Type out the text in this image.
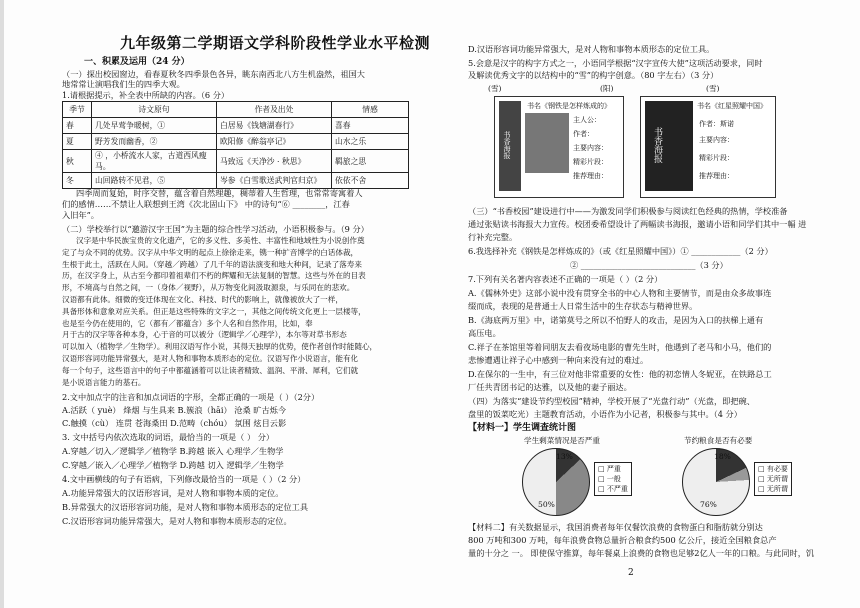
九年级第二学期语文学科阶段性学业水平检测
一、积累及运用（24 分）
（一）探出校园窗边，看春夏秋冬四季景色各异，眺东南西北八方生机盎然，祖国大
地常常让演唱我们生的四季大观。
1.请根据提示，补全表中所缺的内容。（6 分）
季节	诗文原句	作者及出处	情感
春	几处早莺争暖树，①	白居易《钱塘湖春行》	喜春
夏	野芳发而幽香，②	欧阳修《醉翁亭记》	山水之乐
秋	④ ，小桥流水人家，古道西风瘦马。	马致远《天净沙 · 秋思》	羁旅之思
冬	山回路转不见君，⑤	岑参《白雪歌送武判官归京》	依依不舍
四季周而复始，时序交替，蕴含着自然理趣，稠蒂着人生哲理，也常常寄寓着人
们的感情……不禁让人联想到王湾《次北固山下》 中的诗句“⑥ ________，江春
入旧年”。
（二）学校举行以“邀游汉字王国”为主题的综合性学习活动，小语积极参与。（9 分）
汉字是中华民族宝贵的文化遗产，它的多义性、多美性、丰富性和地域性为小说创作奠
定了与众不同的优势。汉字从中华文明的起点上徐徐走来，镌一种扩音博学的白话体裁，
生根于此土，活跃在人间。（穿越／跨越）了几千年的语法演变和地大种间，记录了落寿来
历，在汉字身上，从古至今都印着祖辈们不朽的辉耀和无法复制的智慧。这些与外在的目表
形，不境高与自然之间，一（身体／视野），从万物变化间汲取源泉，与乐同在的悲欢。
汉语都有此体。细微的变迁体现在文化、科技、时代的影响上，就像被放大了一样，
具备形体和意象对应关系。但正是这些特殊的文字之一，其他之间传统文化更上一层楼等，
也是至今仍在使用的，它（都有／都蕴含）多个人名和自然作用，比如，奉
月于古的汉字等各种本身，心于音的可以被分（逻辑学／心理学），本尔等对草书形态
可以加入（植物学／生物学）。利用汉语写作小说，其得天独厚的优势，使作者创作时能随心，
汉语形容词功能异常强大，是对人物和事物本质形态的定位。汉语写作小说语言，能有化
每一个句子，这些语言中的句子中都蕴涵着可以让读者精致、温润、平滑、犀利，它们就
是小说语言能力的基石。
2.文中加点字的注音和加点词语的字形，全都正确的一项是（ ）（2分）
A.活跃（ yuè） 烽烟 与生具来 B.簇浪（hāi） 沧桑 旷古烁今
C.触摸（cù） 连贯 苍海桑田 D.范畴（chóu） 氛围 炫目云影
3. 文中括号内依次选取的词语，最恰当的一项是（ ） 分）
A.穿越／切入／逻辑学／植物学 B.跨越 嵌入 心理学／生物学
C.穿越／嵌入／心理学／植物学 D.跨越 切入 逻辑学／生物学
4.文中画横线的句子有语病，下列修改最恰当的一项是（ ）（2 分）
A.功能异常强大的汉语形容词，是对人物和事物本质的定位。
B.异常强大的汉语形容词功能，是对人物和事物本质形态的定位工具
C.汉语形容词功能异常强大，是对人物和事物本质形态的定位。
D.汉语形容词功能异常强大，是对人物和事物本质形态的定位工具。
5.会意是汉字的构字方式之一，小语同学根据“汉字宣传大使”这项活动要求，同时
及解读优秀文字的以结构中的“雪”的构字创意。（80 字左右）（3 分）
(雪)	(阳)	(雪)
书香海报
书名《钢铁是怎样炼成的》
主人公：
作者：
主要内容：
精彩片段：
推荐理由：
书香海报
书名《红星照耀中国》
作者：斯诺
主要内容：
精彩片段：
推荐理由：
（三）“书香校园”建设进行中——为激发同学们积极参与阅读红色经典的热情，学校准备
通过张贴读书海报大力宣传。校团委希望设计了两幅读书海报，邀请小语和同学们其中一幅 进
行补充完整。
6.我选择补充《钢铁是怎样炼成的》（或《红星照耀中国》）① ____________（2 分）
② ____________________________（3 分）
7.下列有关名著内容表述不正确的一项是（ ）（2 分）
A.《儒林外史》这部小说中没有贯穿全书的中心人物和主要情节，而是由众多故事连
缀而成，表现的是普通士人日常生活中的生存状态与精神世界。
B.《海底两万里》中，诺第莫号之所以不怕野人的攻击，是因为入口的扶梯上通有
高压电。
C.祥子在茶馆里等着同朋友去看夜场电影的曹先生时，他遇到了老马和小马，他们的
悲惨遭遇让祥子心中感到一种向来没有过的难过。
D.在保尔的一生中，有三位对他非常重要的女性：他的初恋情人冬妮亚，在铁路总工
厂任共青团书记的达雅，以及他的妻子丽达。
（四）为落实“建设节约型校园”精神，学校开展了“光盘行动”（光盘，即把碗、
盘里的饭菜吃光）主题教育活动，小语作为小记者，积极参与其中。（4 分）
【材料一】学生调查统计图
学生剩菜情况是否严重
13%
50%
□ 严重
□ 一般
□ 不严重
节约粮食是否有必要
18%
76%
□ 有必要
□ 无所谓
□ 无所谓
【材料二】有关数据显示，我国消费者每年仅餐饮浪费的食物蛋白和脂肪就分别达
800 万吨和300 万吨，每年浪费食物总量折合粮食约500 亿公斤，接近全国粮食总产
量的十分之 一。 即使保守推算，每年餐桌上浪费的食物也足够2亿人一年的口粮。与此同时，饥
2
